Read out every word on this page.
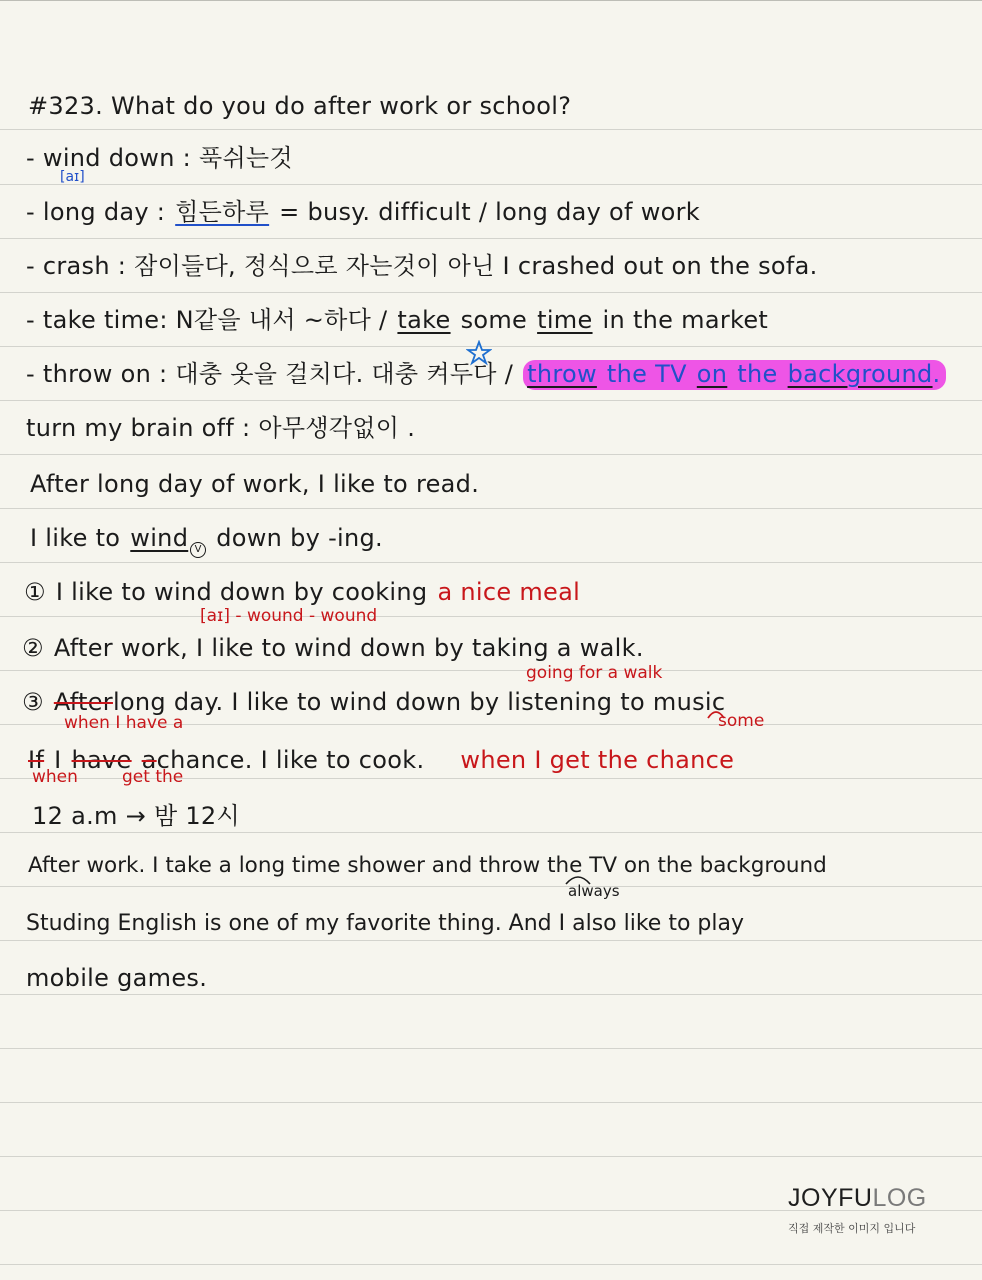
#323. What do you do after work or school?
- wind down : 푹쉬는것
[aɪ]
- long day : 힘든하루 = busy. difficult / long day of work
- crash : 잠이들다, 정식으로 자는것이 아닌 I crashed out on the sofa.
- take time: N같을 내서 ~하다 / take some time in the market
- throw on : 대충 옷을 걸치다. 대충 켜두다 / throw the TV on the background.
turn my brain off : 아무생각없이 .
After long day of work, I like to read.
I like to wind V down by -ing.
① I like to wind down by cooking a nice meal
[aɪ] - wound - wound
② After work, I like to wind down by taking a walk.
going for a walk
③ Afterlong day. I like to wind down by listening to music
when I have a	some
If I have achance. I like to cook. when I get the chance
when	get the
12 a.m → 밤 12시
After work. I take a long time shower and throw the TV on the background
always
Studing English is one of my favorite thing. And I also like to play
mobile games.
JOYFULOG
직접 제작한 이미지 입니다
